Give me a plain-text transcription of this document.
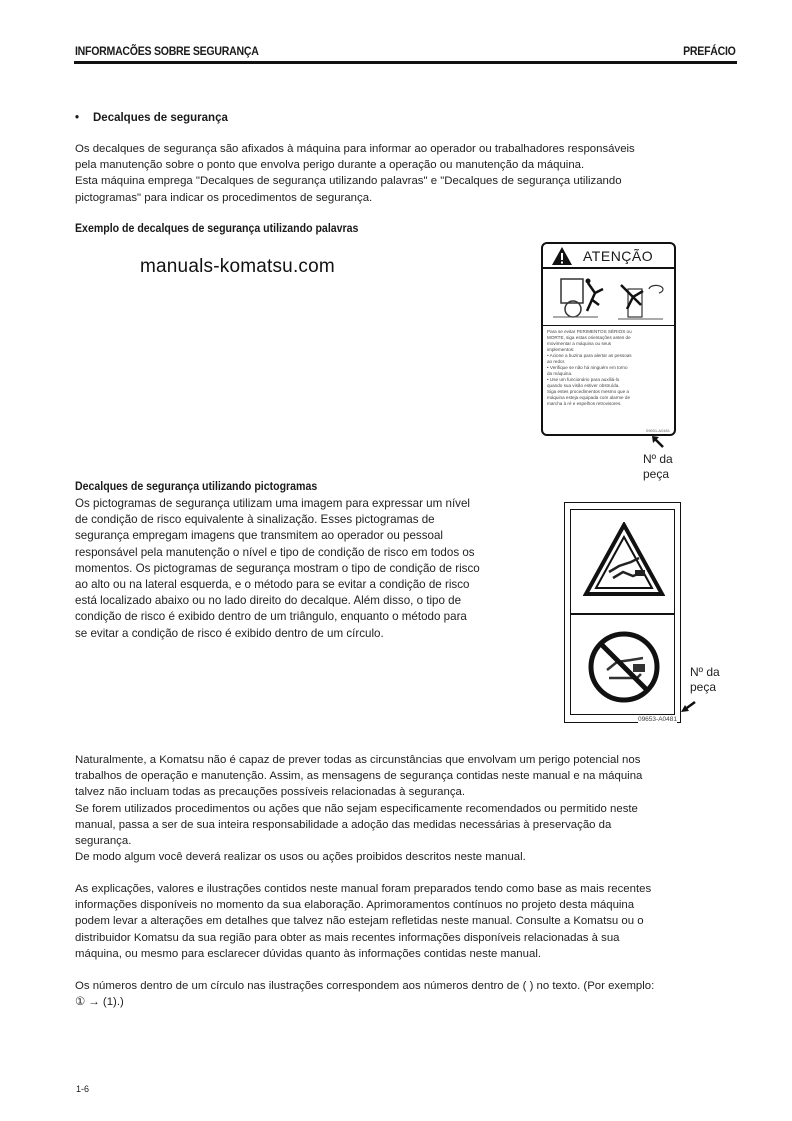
INFORMACÕES SOBRE SEGURANÇA	PREFÁCIO
• Decalques de segurança
Os decalques de segurança são afixados à máquina para informar ao operador ou trabalhadores responsáveis
pela manutenção sobre o ponto que envolva perigo durante a operação ou manutenção da máquina.
Esta máquina emprega "Decalques de segurança utilizando palavras" e "Decalques de segurança utilizando
pictogramas" para indicar os procedimentos de segurança.
Exemplo de decalques de segurança utilizando palavras
manuals-komatsu.com
ATENÇÃO
Para se evitar FERIMENTOS SÉRIOS ou
MORTE, siga estas orientações antes de
movimentar a máquina ou seus
implementos:
• Acione a buzina para alertar as pessoas
ao redor.
• Verifique se não há ninguém em torno
da máquina.
• Use um funcionário para auxiliá-lo
quando sua visão estiver obstruída.
Siga estes procedimentos mesmo que a
máquina esteja equipada com alarme de
marcha à ré e espelhos retrovisores.
09651-A0481
Nº da
peça
Decalques de segurança utilizando pictogramas
Os pictogramas de segurança utilizam uma imagem para expressar um nível
de condição de risco equivalente à sinalização. Esses pictogramas de
segurança empregam imagens que transmitem ao operador ou pessoal
responsável pela manutenção o nível e tipo de condição de risco em todos os
momentos. Os pictogramas de segurança mostram o tipo de condição de risco
ao alto ou na lateral esquerda, e o método para se evitar a condição de risco
está localizado abaixo ou no lado direito do decalque. Além disso, o tipo de
condição de risco é exibido dentro de um triângulo, enquanto o método para
se evitar a condição de risco é exibido dentro de um círculo.
09653-A0481
Nº da
peça
Naturalmente, a Komatsu não é capaz de prever todas as circunstâncias que envolvam um perigo potencial nos
trabalhos de operação e manutenção. Assim, as mensagens de segurança contidas neste manual e na máquina
talvez não incluam todas as precauções possíveis relacionadas à segurança.
Se forem utilizados procedimentos ou ações que não sejam especificamente recomendados ou permitido neste
manual, passa a ser de sua inteira responsabilidade a adoção das medidas necessárias à preservação da
segurança.
De modo algum você deverá realizar os usos ou ações proibidos descritos neste manual.
As explicações, valores e ilustrações contidos neste manual foram preparados tendo como base as mais recentes
informações disponíveis no momento da sua elaboração. Aprimoramentos contínuos no projeto desta máquina
podem levar a alterações em detalhes que talvez não estejam refletidas neste manual. Consulte a Komatsu ou o
distribuidor Komatsu da sua região para obter as mais recentes informações disponíveis relacionadas à sua
máquina, ou mesmo para esclarecer dúvidas quanto às informações contidas neste manual.
Os números dentro de um círculo nas ilustrações correspondem aos números dentro de ( ) no texto. (Por exemplo:
① → (1).)
1-6
